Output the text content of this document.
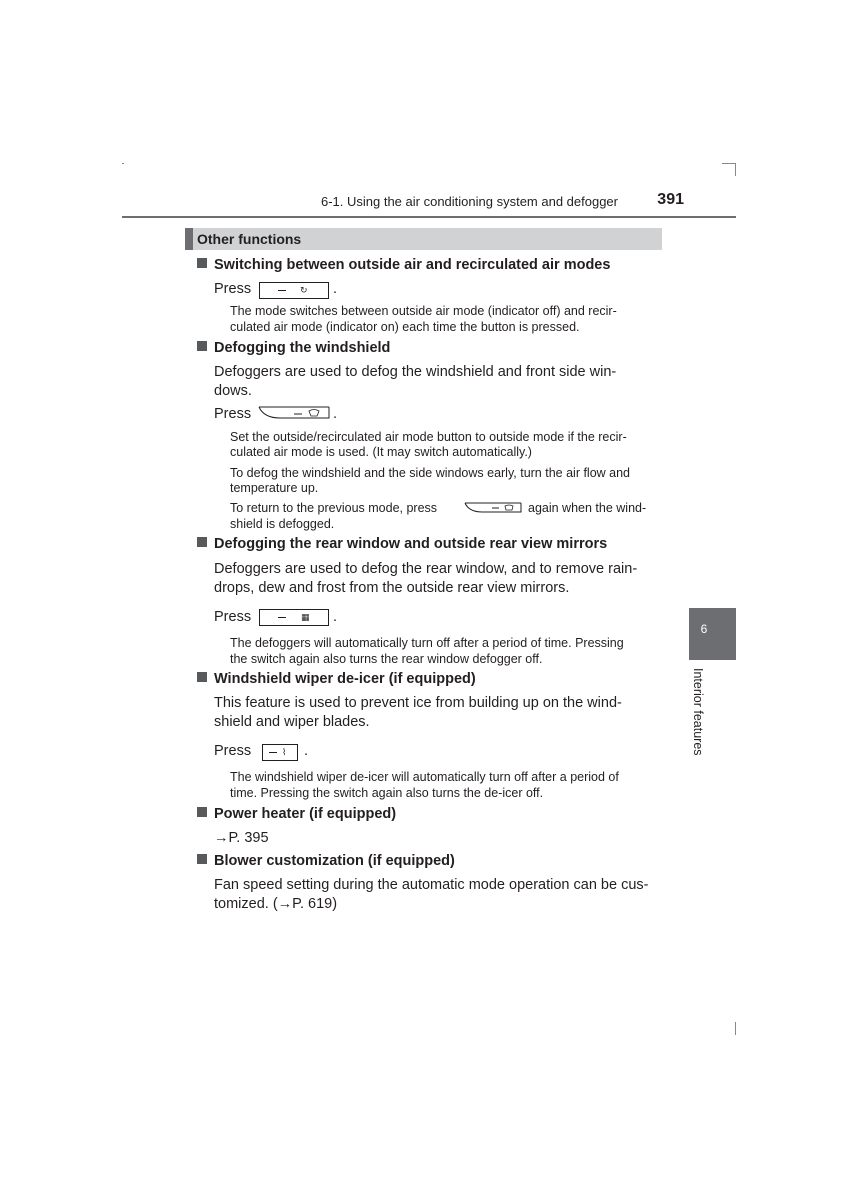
6-1. Using the air conditioning system and defogger	391
Other functions
Switching between outside air and recirculated air modes
Press	↻ .
The mode switches between outside air mode (indicator off) and recir-
culated air mode (indicator on) each time the button is pressed.
Defogging the windshield
Defoggers are used to defog the windshield and front side win-
dows.
Press	.
Set the outside/recirculated air mode button to outside mode if the recir-
culated air mode is used. (It may switch automatically.)
To defog the windshield and the side windows early, turn the air flow and
temperature up.
To return to the previous mode, press	again when the wind-
shield is defogged.
Defogging the rear window and outside rear view mirrors
Defoggers are used to defog the rear window, and to remove rain-
drops, dew and frost from the outside rear view mirrors.
Press	▦ .
The defoggers will automatically turn off after a period of time. Pressing
the switch again also turns the rear window defogger off.
Windshield wiper de-icer (if equipped)
This feature is used to prevent ice from building up on the wind-
shield and wiper blades.
Press	⌇ .
The windshield wiper de-icer will automatically turn off after a period of
time. Pressing the switch again also turns the de-icer off.
Power heater (if equipped)
→P. 395
Blower customization (if equipped)
Fan speed setting during the automatic mode operation can be cus-
tomized. (→P. 619)
6
Interior features
